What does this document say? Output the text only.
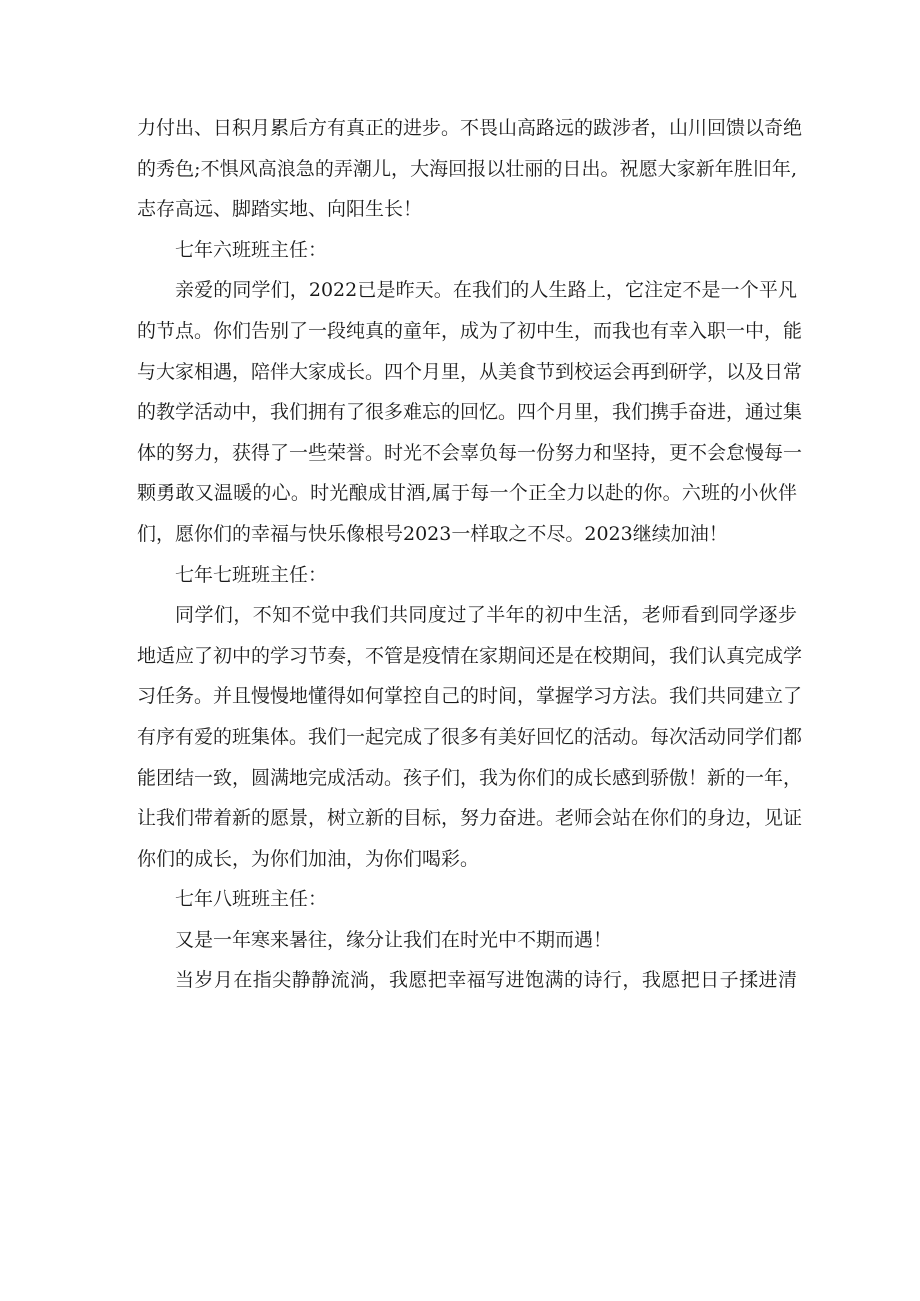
力付出、日积月累后方有真正的进步。不畏山高路远的跋涉者，山川回馈以奇绝
的秀色;不惧风高浪急的弄潮儿，大海回报以壮丽的日出。祝愿大家新年胜旧年,
志存高远、脚踏实地、向阳生长！
七年六班班主任：
亲爱的同学们，2022已是昨天。在我们的人生路上，它注定不是一个平凡
的节点。你们告别了一段纯真的童年，成为了初中生，而我也有幸入职一中，能
与大家相遇，陪伴大家成长。四个月里，从美食节到校运会再到研学，以及日常
的教学活动中，我们拥有了很多难忘的回忆。四个月里，我们携手奋进，通过集
体的努力，获得了一些荣誉。时光不会辜负每一份努力和坚持，更不会怠慢每一
颗勇敢又温暖的心。时光酿成甘酒,属于每一个正全力以赴的你。六班的小伙伴
们，愿你们的幸福与快乐像根号2023一样取之不尽。2023继续加油！
七年七班班主任：
同学们，不知不觉中我们共同度过了半年的初中生活，老师看到同学逐步
地适应了初中的学习节奏，不管是疫情在家期间还是在校期间，我们认真完成学
习任务。并且慢慢地懂得如何掌控自己的时间，掌握学习方法。我们共同建立了
有序有爱的班集体。我们一起完成了很多有美好回忆的活动。每次活动同学们都
能团结一致，圆满地完成活动。孩子们，我为你们的成长感到骄傲！新的一年，
让我们带着新的愿景，树立新的目标，努力奋进。老师会站在你们的身边，见证
你们的成长，为你们加油，为你们喝彩。
七年八班班主任：
又是一年寒来暑往，缘分让我们在时光中不期而遇！
当岁月在指尖静静流淌，我愿把幸福写进饱满的诗行，我愿把日子揉进清
